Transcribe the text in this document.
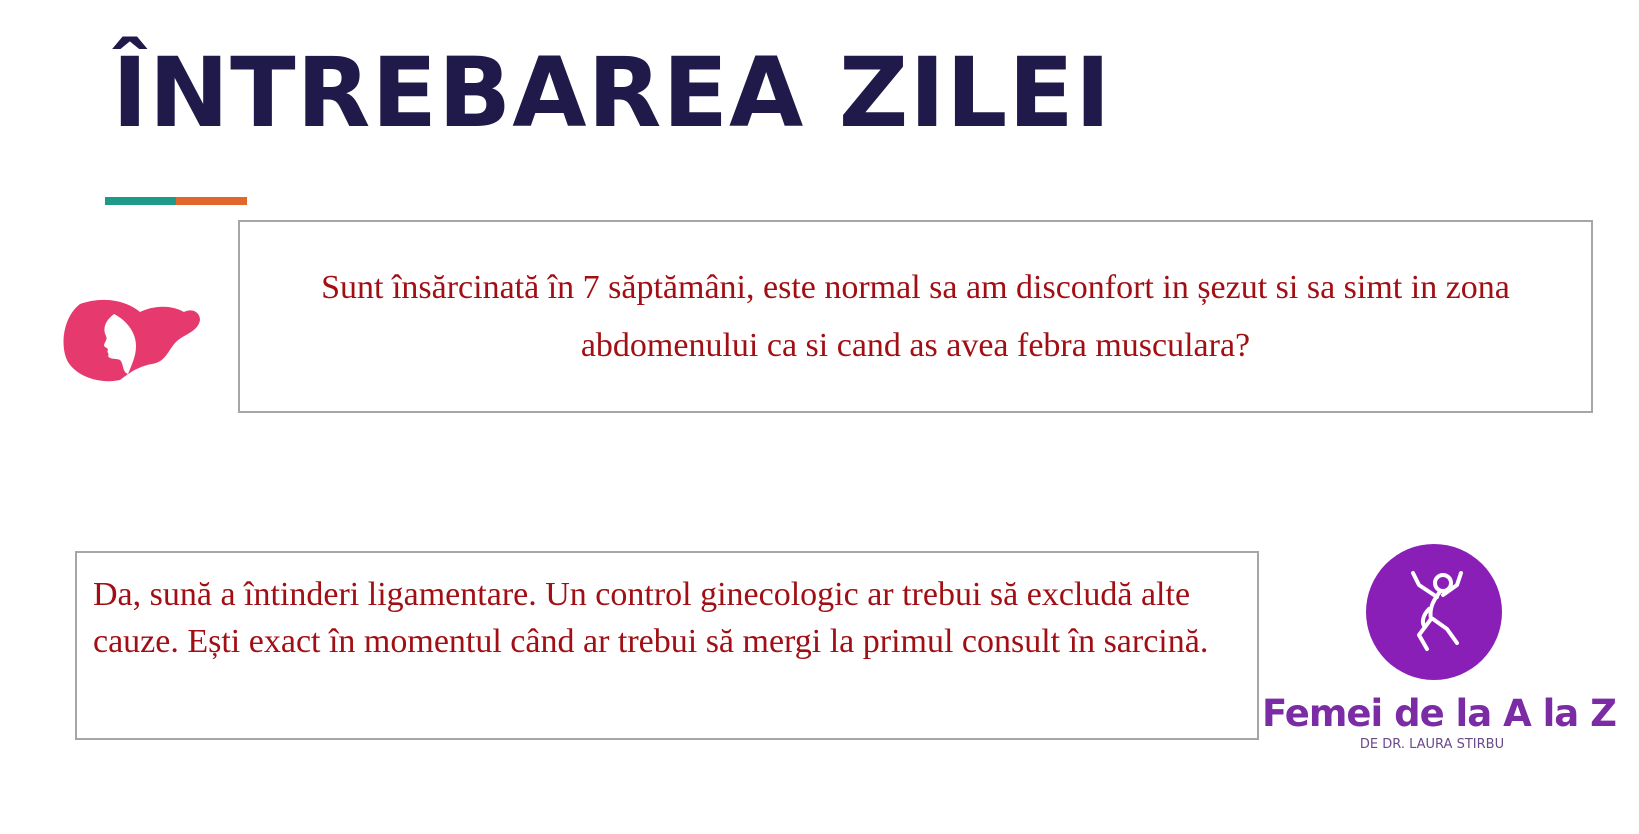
ÎNTREBAREA ZILEI

Sunt însărcinată în 7 săptămâni, este normal sa am disconfort in șezut si sa simt in zona abdomenului ca si cand as avea febra musculara?

Da, sună a întinderi ligamentare. Un control ginecologic ar trebui să excludă alte cauze. Ești exact în momentul când ar trebui să mergi la primul consult în sarcină.

Femei de la A la Z

DE DR. LAURA STIRBU
